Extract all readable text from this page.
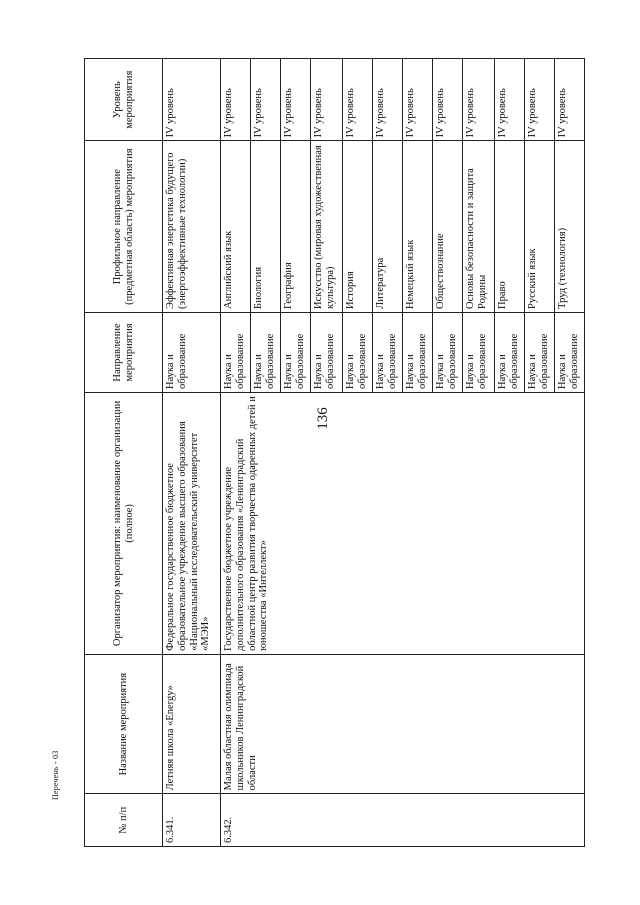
136
№ п/п	Название мероприятия	Организатор мероприятия: наименование организации (полное)	Направление мероприятия	Профильное направление (предметная область) мероприятия	Уровень мероприятия
6.341.	Летняя школа «Energy»	Федеральное государственное бюджетное образовательное учреждение высшего образования «Национальный исследовательский университет «МЭИ»	Наука и образование	Эффективная энергетика будущего (энергоэффективные технологии)	IV уровень
6.342.	Малая областная олимпиада школьников Ленинградской области	Государственное бюджетное учреждение дополнительного образования «Ленинградский областной центр развития творчества одаренных детей и юношества «Интеллект»	Наука и образование	Английский язык	IV уровень
			Наука и образование	Биология	IV уровень
			Наука и образование	География	IV уровень
			Наука и образование	Искусство (мировая художественная культура)	IV уровень
			Наука и образование	История	IV уровень
			Наука и образование	Литература	IV уровень
			Наука и образование	Немецкий язык	IV уровень
			Наука и образование	Обществознание	IV уровень
			Наука и образование	Основы безопасности и защита Родины	IV уровень
			Наука и образование	Право	IV уровень
			Наука и образование	Русский язык	IV уровень
			Наука и образование	Труд (технология)	IV уровень
Перечень - 03
